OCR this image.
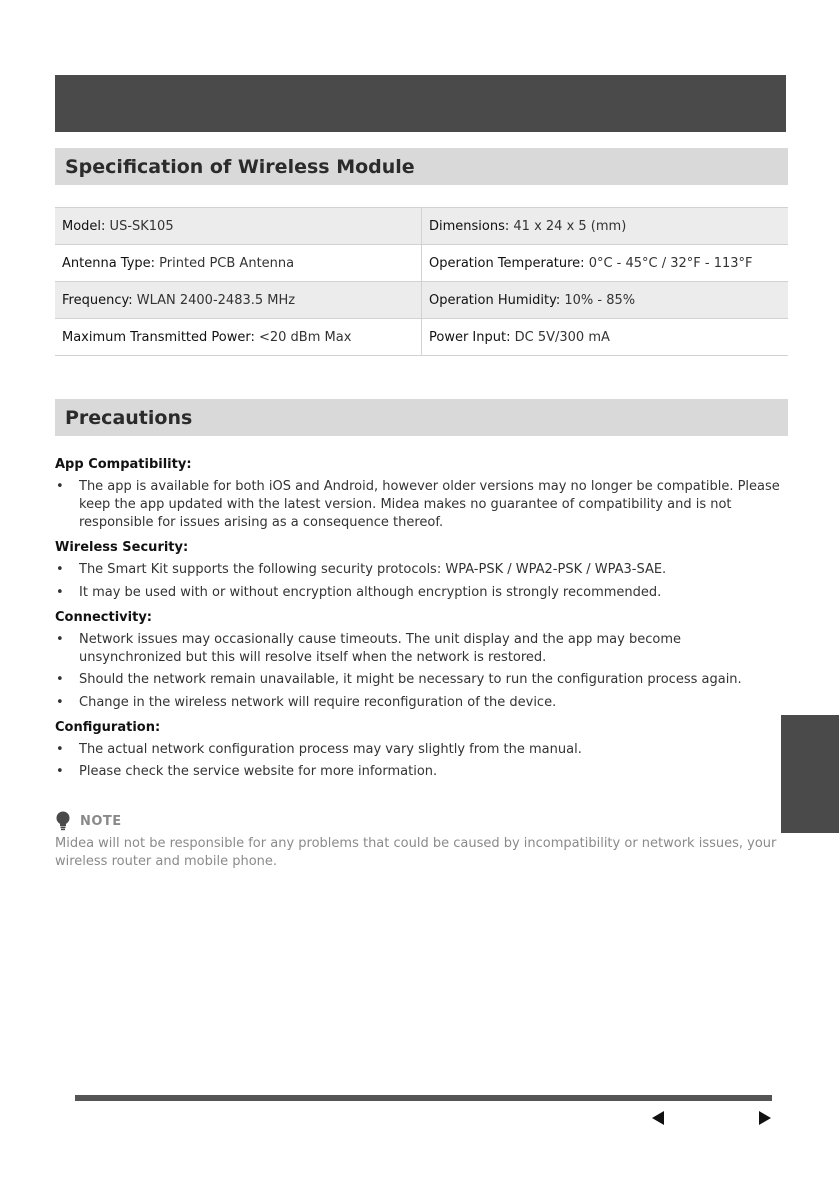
Specification of Wireless Module
Model: US-SK105	Dimensions: 41 x 24 x 5 (mm)
Antenna Type: Printed PCB Antenna	Operation Temperature: 0°C - 45°C / 32°F - 113°F
Frequency: WLAN 2400-2483.5 MHz	Operation Humidity: 10% - 85%
Maximum Transmitted Power: <20 dBm Max	Power Input: DC 5V/300 mA
Precautions
App Compatibility:
• The app is available for both iOS and Android, however older versions may no longer be compatible. Please keep the app updated with the latest version. Midea makes no guarantee of compatibility and is not responsible for issues arising as a consequence thereof.
Wireless Security:
• The Smart Kit supports the following security protocols: WPA-PSK / WPA2-PSK / WPA3-SAE.
• It may be used with or without encryption although encryption is strongly recommended.
Connectivity:
• Network issues may occasionally cause timeouts. The unit display and the app may become unsynchronized but this will resolve itself when the network is restored.
• Should the network remain unavailable, it might be necessary to run the configuration process again.
• Change in the wireless network will require reconfiguration of the device.
Configuration:
• The actual network configuration process may vary slightly from the manual.
• Please check the service website for more information.
NOTE
Midea will not be responsible for any problems that could be caused by incompatibility or network issues, your wireless router and mobile phone.
